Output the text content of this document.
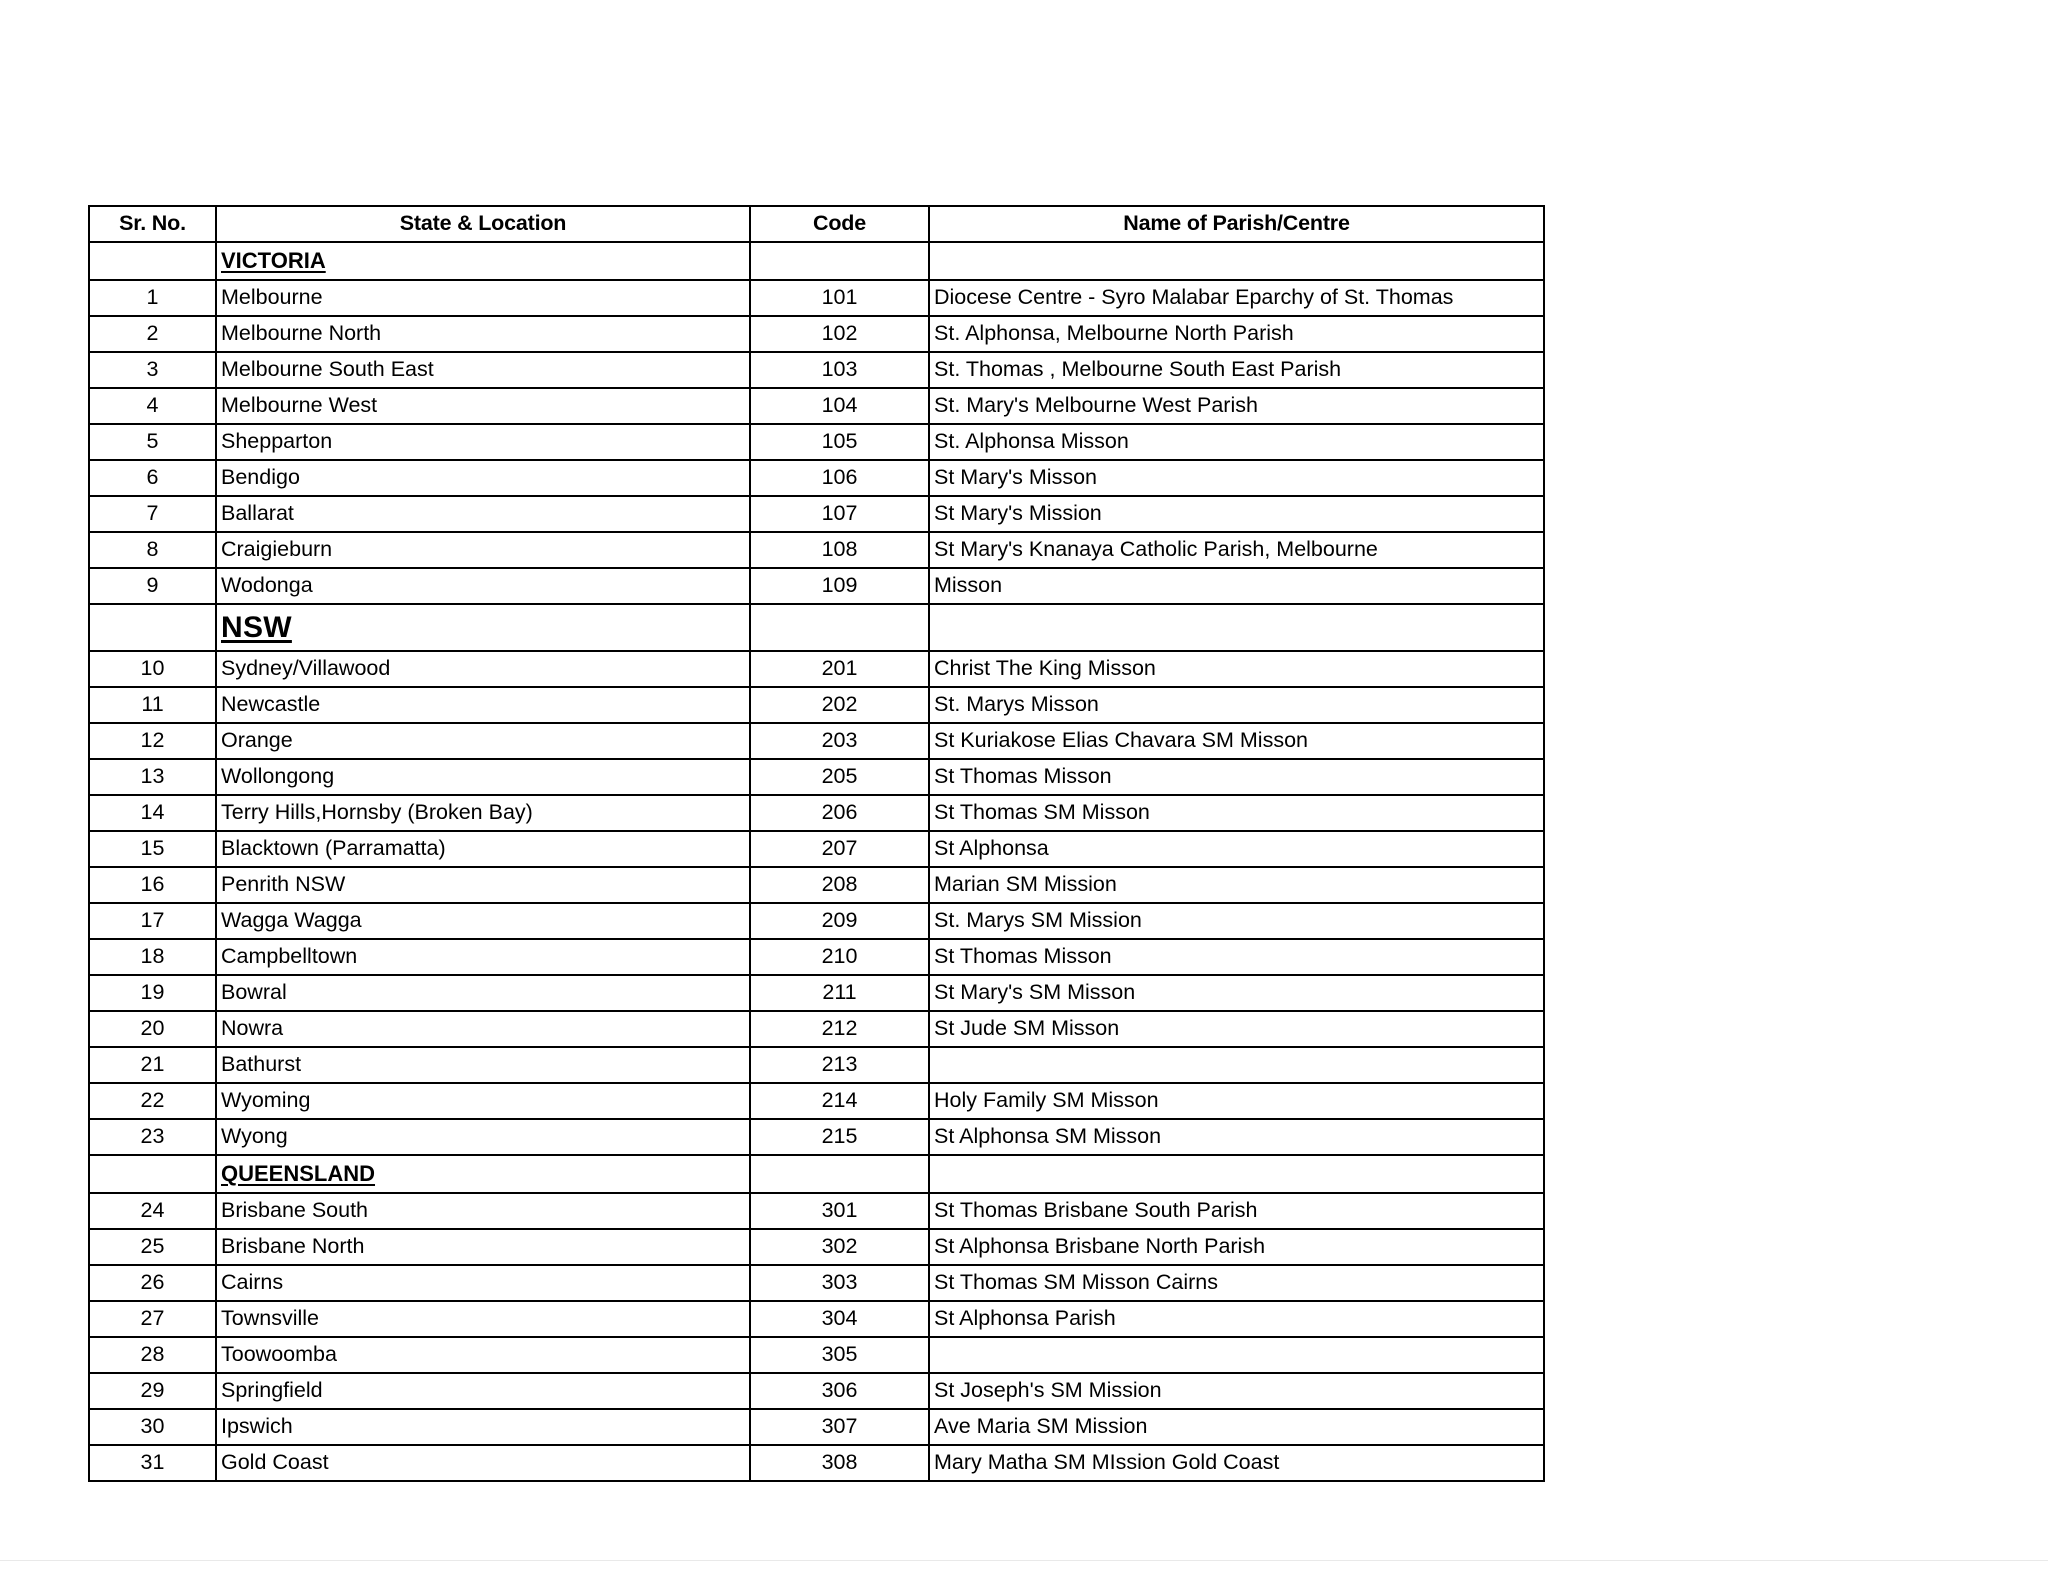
Sr. No.	State & Location	Code	Name of Parish/Centre
	VICTORIA		
1	Melbourne	101	Diocese Centre - Syro Malabar Eparchy of St. Thomas
2	Melbourne North	102	St. Alphonsa, Melbourne North Parish
3	Melbourne South East	103	St. Thomas , Melbourne South East Parish
4	Melbourne West	104	St. Mary's Melbourne West Parish
5	Shepparton	105	St. Alphonsa Misson
6	Bendigo	106	St Mary's Misson
7	Ballarat	107	St Mary's Mission
8	Craigieburn	108	St Mary's Knanaya Catholic Parish, Melbourne
9	Wodonga	109	Misson
	NSW		
10	Sydney/Villawood	201	Christ The King Misson
11	Newcastle	202	St. Marys Misson
12	Orange	203	St Kuriakose Elias Chavara SM Misson
13	Wollongong	205	St Thomas Misson
14	Terry Hills,Hornsby (Broken Bay)	206	St Thomas SM Misson
15	Blacktown (Parramatta)	207	St Alphonsa
16	Penrith NSW	208	Marian SM Mission
17	Wagga Wagga	209	St. Marys SM Mission
18	Campbelltown	210	St Thomas Misson
19	Bowral	211	St Mary's SM Misson
20	Nowra	212	St Jude SM Misson
21	Bathurst	213	
22	Wyoming	214	Holy Family SM Misson
23	Wyong	215	St Alphonsa SM Misson
	QUEENSLAND		
24	Brisbane South	301	St Thomas Brisbane South Parish
25	Brisbane North	302	St Alphonsa Brisbane North Parish
26	Cairns	303	St Thomas SM Misson Cairns
27	Townsville	304	St Alphonsa Parish
28	Toowoomba	305	
29	Springfield	306	St Joseph's SM Mission
30	Ipswich	307	Ave Maria SM Mission
31	Gold Coast	308	Mary Matha SM MIssion Gold Coast
